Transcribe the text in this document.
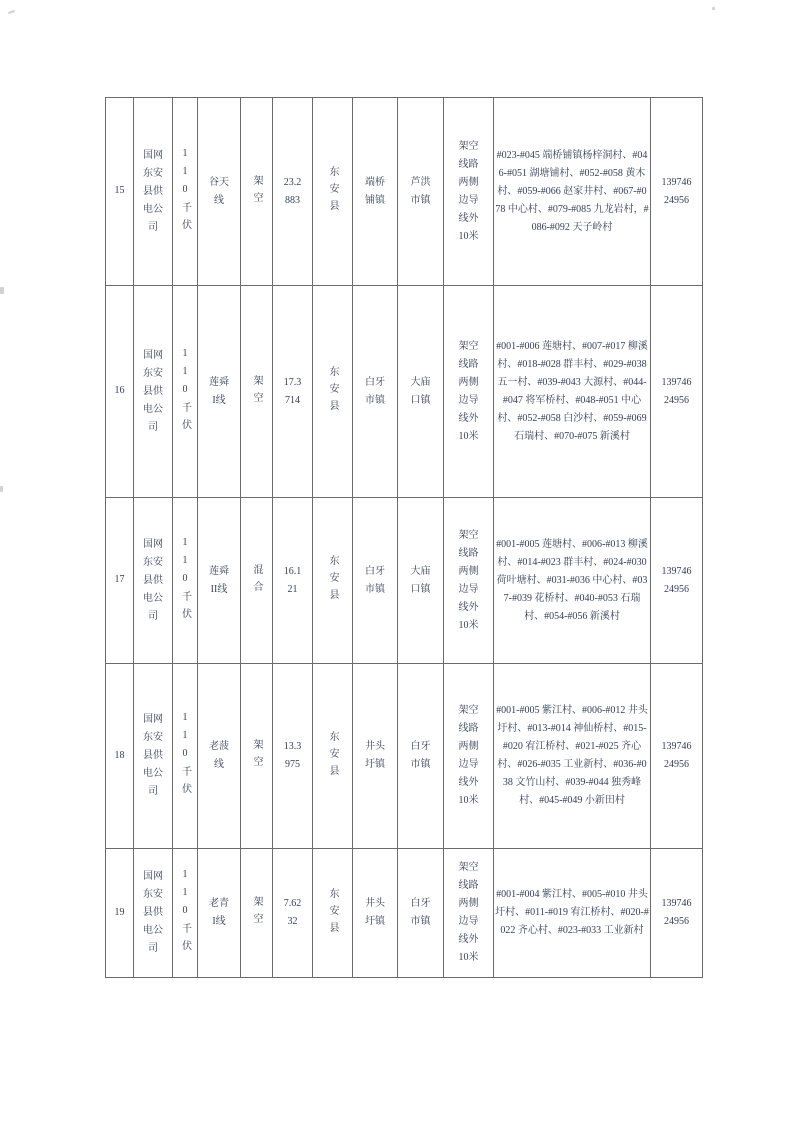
15	国网东安县供电公司	110千伏	谷天线	架空	23.2883	东安县	端桥铺镇	芦洪市镇	架空线路两侧边导线外10米	#023-#045 端桥铺镇杨梓洞村、#046-#051 湖塘铺村、#052-#058 黄木村、#059-#066 赵家井村、#067-#078 中心村、#079-#085 九龙岩村，#086-#092 天子岭村	13974624956
16	国网东安县供电公司	110千伏	莲舜I线	架空	17.3714	东安县	白牙市镇	大庙口镇	架空线路两侧边导线外10米	#001-#006 莲塘村、#007-#017 柳溪村、#018-#028 群丰村、#029-#038 五一村、#039-#043 大源村、#044-#047 将军桥村、#048-#051 中心村、#052-#058 白沙村、#059-#069 石瑞村、#070-#075 新溪村	13974624956
17	国网东安县供电公司	110千伏	莲舜II线	混合	16.121	东安县	白牙市镇	大庙口镇	架空线路两侧边导线外10米	#001-#005 莲塘村、#006-#013 柳溪村、#014-#023 群丰村、#024-#030 荷叶塘村、#031-#036 中心村、#037-#039 花桥村、#040-#053 石瑞村、#054-#056 新溪村	13974624956
18	国网东安县供电公司	110千伏	老菠线	架空	13.3975	东安县	井头圩镇	白牙市镇	架空线路两侧边导线外10米	#001-#005 紫江村、#006-#012 井头圩村、#013-#014 神仙桥村、#015-#020 宥江桥村、#021-#025 齐心村、#026-#035 工业新村、#036-#038 文竹山村、#039-#044 独秀峰村、#045-#049 小新田村	13974624956
19	国网东安县供电公司	110千伏	老青I线	架空	7.6232	东安县	井头圩镇	白牙市镇	架空线路两侧边导线外10米	#001-#004 紫江村、#005-#010 井头圩村、#011-#019 宥江桥村、#020-#022 齐心村、#023-#033 工业新村	13974624956
